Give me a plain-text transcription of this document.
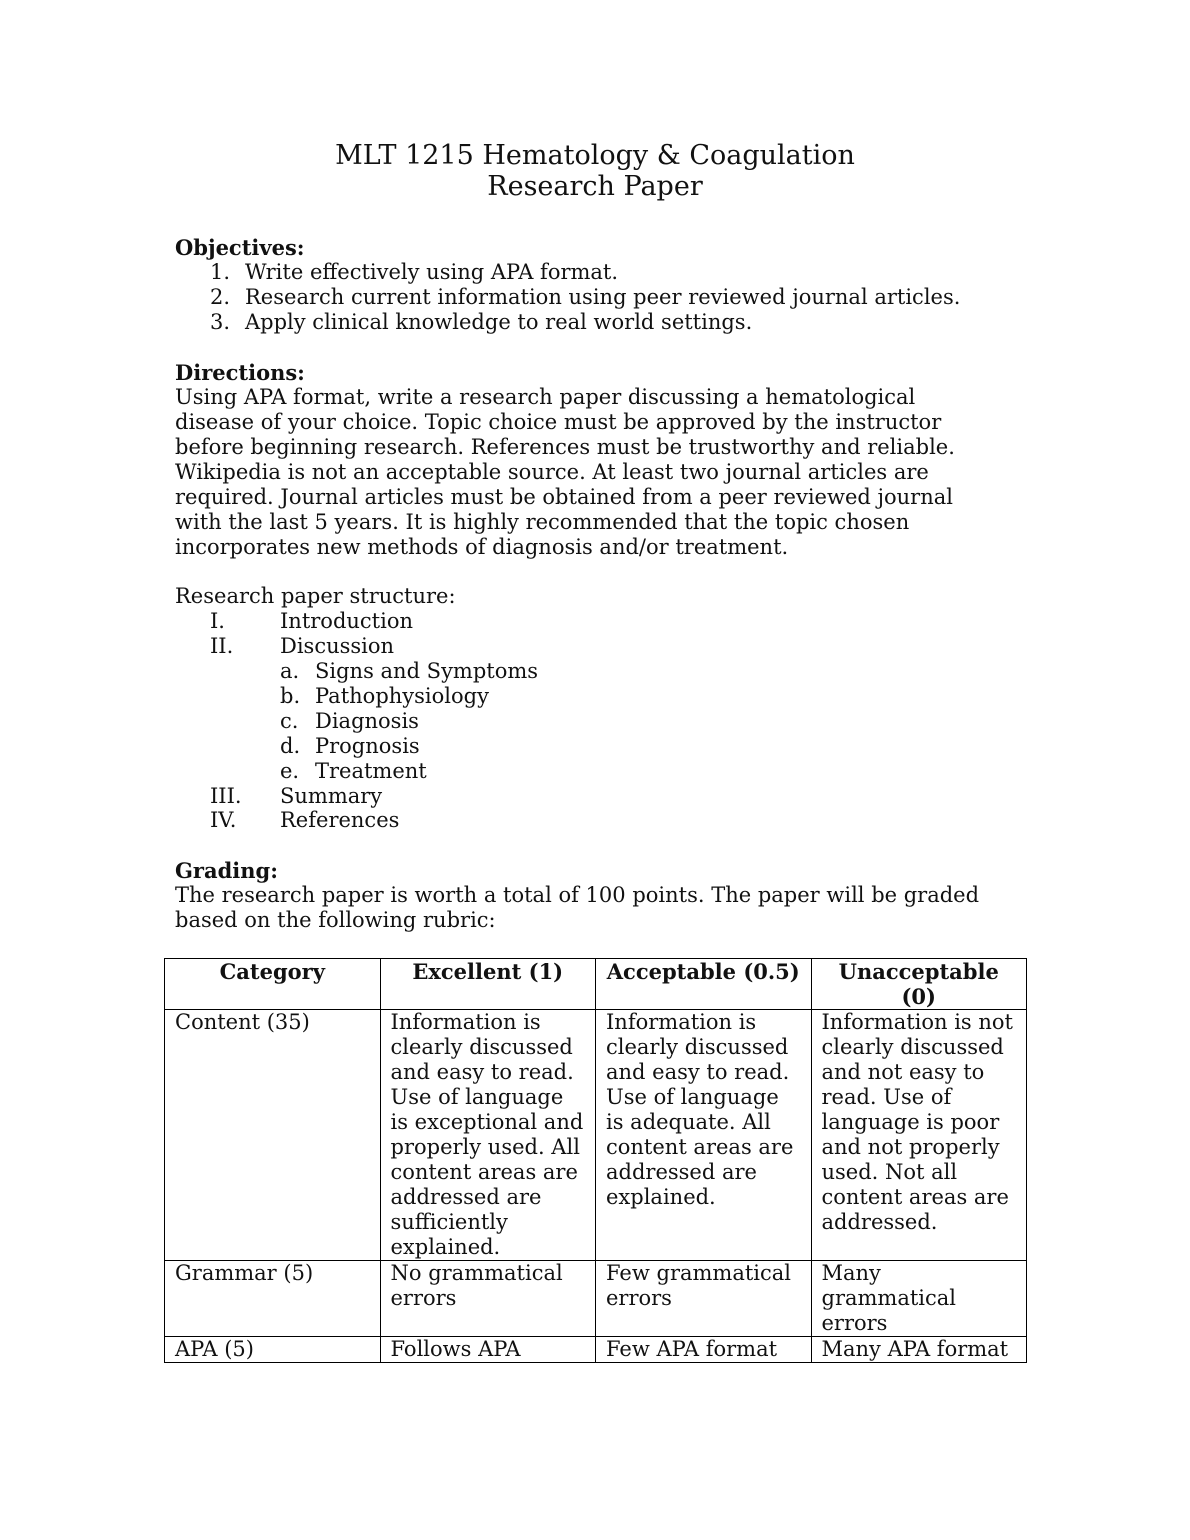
MLT 1215 Hematology & Coagulation
Research Paper
Objectives:
1. Write effectively using APA format.
2. Research current information using peer reviewed journal articles.
3. Apply clinical knowledge to real world settings.
Directions:
Using APA format, write a research paper discussing a hematological
disease of your choice. Topic choice must be approved by the instructor
before beginning research. References must be trustworthy and reliable.
Wikipedia is not an acceptable source. At least two journal articles are
required. Journal articles must be obtained from a peer reviewed journal
with the last 5 years. It is highly recommended that the topic chosen
incorporates new methods of diagnosis and/or treatment.
Research paper structure:
I.	Introduction
II. Discussion
a. Signs and Symptoms
b. Pathophysiology
c. Diagnosis
d. Prognosis
e. Treatment
III. Summary
IV. References
Grading:
The research paper is worth a total of 100 points. The paper will be graded
based on the following rubric:
Category	Excellent (1)	Acceptable (0.5)	Unacceptable (0)
Content (35)	Information is clearly discussed and easy to read. Use of language is exceptional and properly used. All content areas are addressed are sufficiently explained.	Information is clearly discussed and easy to read. Use of language is adequate. All content areas are addressed are explained.	Information is not clearly discussed and not easy to read. Use of language is poor and not properly used. Not all content areas are addressed.
Grammar (5)	No grammatical errors	Few grammatical errors	Many grammatical errors
APA (5)	Follows APA	Few APA format	Many APA format
